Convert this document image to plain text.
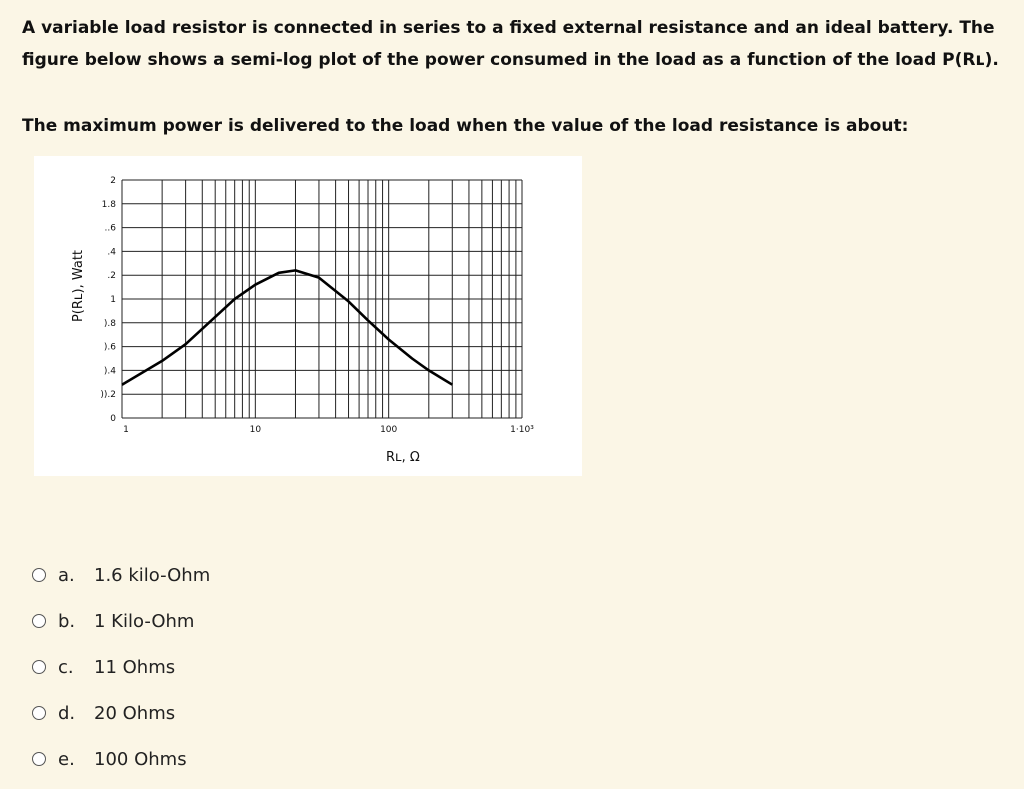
A variable load resistor is connected in series to a fixed external resistance and an ideal battery. The figure below shows a semi-log plot of the power consumed in the load as a function of the load P(Rʟ).
The maximum power is delivered to the load when the value of the load resistance is about:
0
)).2
).4
).6
).8
1
.2
.4
..6
1.8
2
1	10	100	1·10³
P(Rʟ), Watt
Rʟ, Ω
a.	1.6 kilo-Ohm
b.	1 Kilo-Ohm
c.	11 Ohms
d.	20 Ohms
e.	100 Ohms
